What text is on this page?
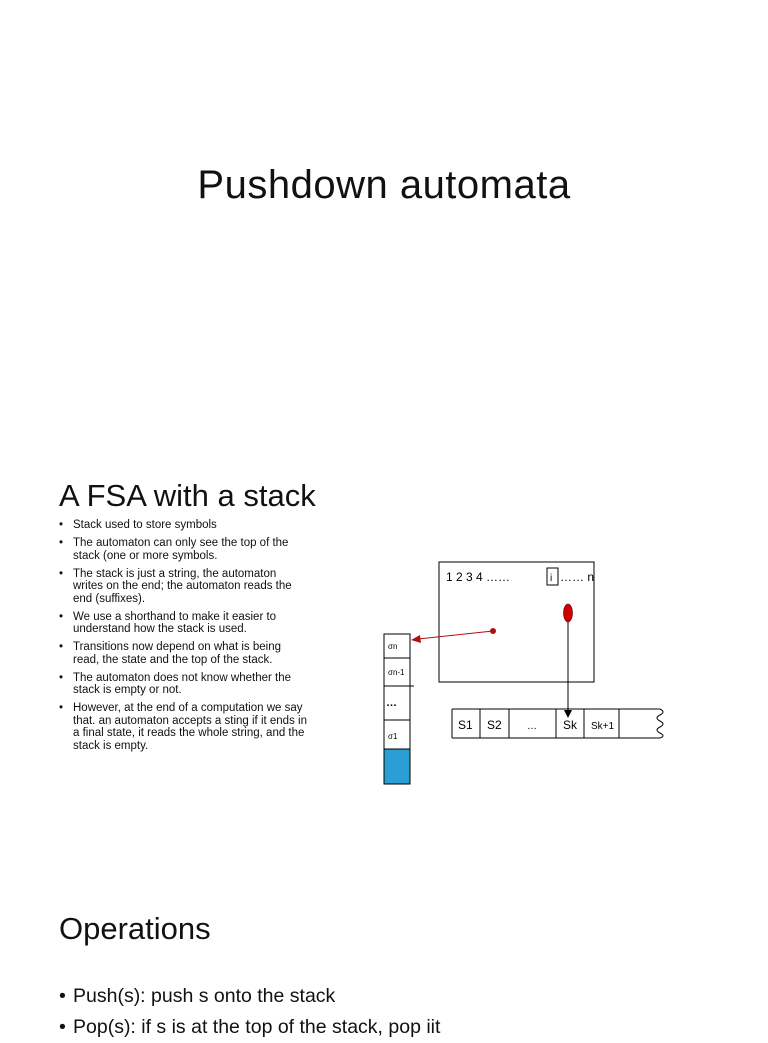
Pushdown automata
A FSA with a stack
• Stack used to store symbols
• The automaton can only see the top of the stack (one or more symbols.
• The stack is just a string, the automaton writes on the end; the automaton reads the end (suffixes).
• We use a shorthand to make it easier to understand how the stack is used.
• Transitions now depend on what is being read, the state and the top of the stack.
• The automaton does not know whether the stack is empty or not.
• However, at the end of a computation we say that. an automaton accepts a sting if it ends in a final state, it reads the whole string, and the stack is empty.
1 2 3 4 ……	i …… n
σn
σn-1
…
σ1
S1 S2	… Sk Sk+1
Operations
• Push(s): push s onto the stack
• Pop(s): if s is at the top of the stack, pop iit
